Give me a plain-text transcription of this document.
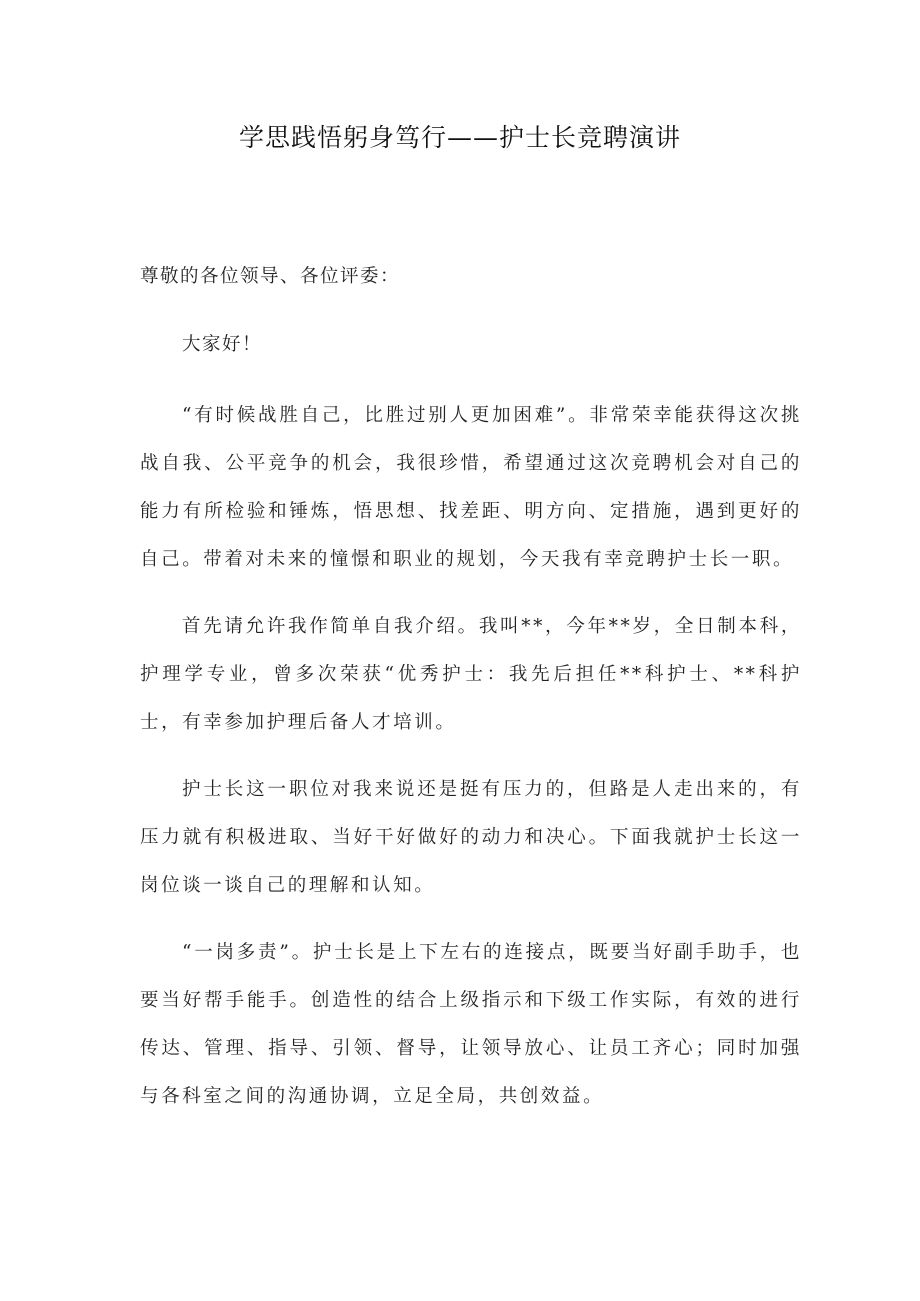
学思践悟躬身笃行——护士长竞聘演讲

尊敬的各位领导、各位评委：

大家好！

“有时候战胜自己，比胜过别人更加困难”。非常荣幸能获得这次挑战自我、公平竞争的机会，我很珍惜，希望通过这次竞聘机会对自己的能力有所检验和锤炼，悟思想、找差距、明方向、定措施，遇到更好的自己。带着对未来的憧憬和职业的规划，今天我有幸竞聘护士长一职。

首先请允许我作简单自我介绍。我叫**，今年**岁，全日制本科，护理学专业，曾多次荣获“优秀护士：我先后担任**科护士、**科护士，有幸参加护理后备人才培训。

护士长这一职位对我来说还是挺有压力的，但路是人走出来的，有压力就有积极进取、当好干好做好的动力和决心。下面我就护士长这一岗位谈一谈自己的理解和认知。

“一岗多责”。护士长是上下左右的连接点，既要当好副手助手，也要当好帮手能手。创造性的结合上级指示和下级工作实际，有效的进行传达、管理、指导、引领、督导，让领导放心、让员工齐心；同时加强与各科室之间的沟通协调，立足全局，共创效益。
